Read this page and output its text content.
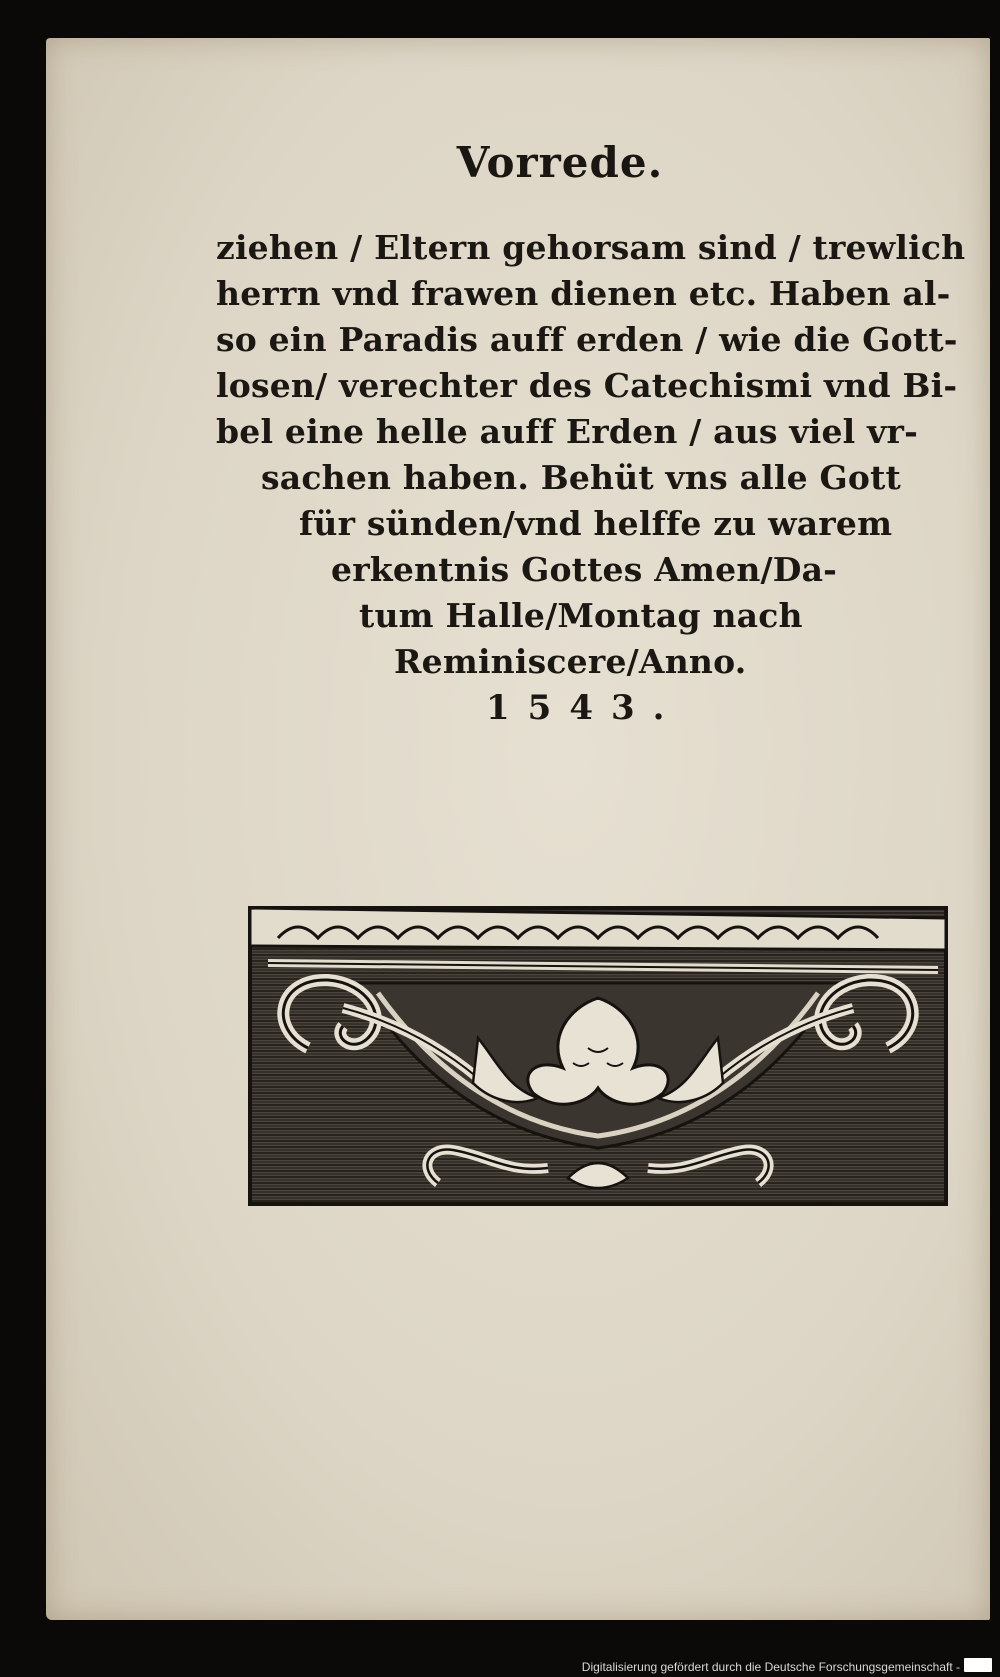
Vorrede.
ziehen / Eltern gehorsam sind / trewlich
herrn vnd frawen dienen etc. Haben al-
so ein Paradis auff erden / wie die Gott-
losen/ verechter des Catechismi vnd Bi-
bel eine helle auff Erden / aus viel vr-
sachen haben. Behüt vns alle Gott
für sünden/vnd helffe zu warem
erkentnis Gottes Amen/Da-
tum Halle/Montag nach
Reminiscere/Anno.
1543.
Digitalisierung gefördert durch die Deutsche Forschungsgemeinschaft -
